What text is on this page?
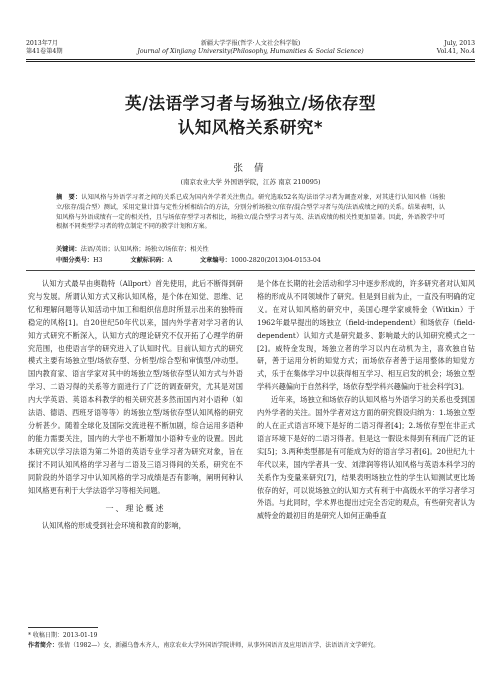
2013年7月
第41卷第4期
新疆大学学报(哲学·人文社会科学版)
Journal of Xinjiang University(Philosophy, Humanities & Social Science)
July, 2013
Vol.41, No.4
英/法语学习者与场独立/场依存型
认知风格关系研究*
张 倩
(南京农业大学 外国语学院，江苏 南京 210095)
摘　要：认知风格与外语学习者之间的关系已成为国内外学者关注焦点。研究选取52名英/法语学习者为调查对象，对其进行认知风格（场独立/依存/混合型）测试，采用定量计算与定性分析相结合的方法，分别分析场独立/依存/混合型学习者与英/法语成绩之间的关系。结果表明，认知风格与外语成绩有一定的相关性，且与场依存型学习者相比，场独立/混合型学习者与英、法语成绩的相关性更加显著。因此，外语教学中可根据不同类型学习者的特点制定不同的教学计划和方案。
关键词：法语/英语；认知风格；场独立/场依存；相关性
中图分类号：H3	文献标识码：A	文章编号：1000-2820(2013)04-0153-04

认知方式最早由奥勒特（Allport）首先使用，此后不断得到研究与发展。所谓认知方式又称认知风格，是个体在知觉、思维、记忆和理解问题等认知活动中加工和组织信息时所显示出来的独特而稳定的风格[1]。自20世纪50年代以来，国内外学者对学习者的认知方式研究不断深入，认知方式的理论研究不仅开拓了心理学的研究范围，也使语言学的研究进入了认知时代。目前认知方式的研究模式主要有场独立型/场依存型、分析型/综合型和审慎型/冲动型。国内教育家、语言学家对其中的场独立型/场依存型认知方式与外语学习、二语习得的关系等方面进行了广泛的调查研究，尤其是对国内大学英语、英语本科教学的相关研究甚多然而国内对小语种（如法语、德语、西班牙语等等）的场独立型/场依存型认知风格的研究分析甚少。随着全球化及国际交流进程不断加剧，综合运用多语种的能力需要关注，国内的大学也不断增加小语种专业的设置。因此本研究以学习法语为第二外语的英语专业学习者为研究对象，旨在探讨不同认知风格的学习者与二语及三语习得间的关系，研究在不同阶段的外语学习中认知风格的学习成绩是否有影响，阐明何种认知风格更有利于大学法语学习等相关问题。

一、理论概述

认知风格的形成受到社会环境和教育的影响，

是个体在长期的社会活动和学习中逐步形成的，许多研究者对认知风格的形成从不同领域作了研究。但是到目前为止，一直没有明确的定义。在对认知风格的研究中，美国心理学家威特金（Witkin）于1962年最早提出的场独立（field-independent）和场依存（field-dependent）认知方式是研究最多、影响最大的认知研究模式之一[2]。威特金发现，场独立者的学习以内在动机为主，喜欢独自钻研，善于运用分析的知觉方式；而场依存者善于运用整体的知觉方式，乐于在集体学习中以获得相互学习、相互启发的机会；场独立型学科兴趣偏向于自然科学，场依存型学科兴趣偏向于社会科学[3]。

近年来，场独立和场依存的认知风格与外语学习的关系也受到国内外学者的关注。国外学者对这方面的研究假设归纳为：1.场独立型的人在正式语言环境下是好的二语习得者[4]；2.场依存型在非正式语言环境下是好的二语习得者。但是这一假设未得到有利而广泛的证实[5]；3.两种类型都是有可能成为好的语言学习者[6]。20世纪九十年代以来，国内学者具一安、刘津润等将认知风格与英语本科学习的关系作为变量来研究[7]，结果表明场独立性的学生认知测试更比场依存的好，可以说场独立的认知方式有利于中高级水平的学习者学习外语。与此同时，学术界也提出过完全否定的观点，有些研究者认为威特金的最初目的是研究人如何正确垂直

* 收稿日期：2013-01-19
作者简介：张倩（1982—）女，新疆乌鲁木齐人，南京农业大学外国语学院讲师，从事外国语言及应用语言学、法语语言文学研究。
